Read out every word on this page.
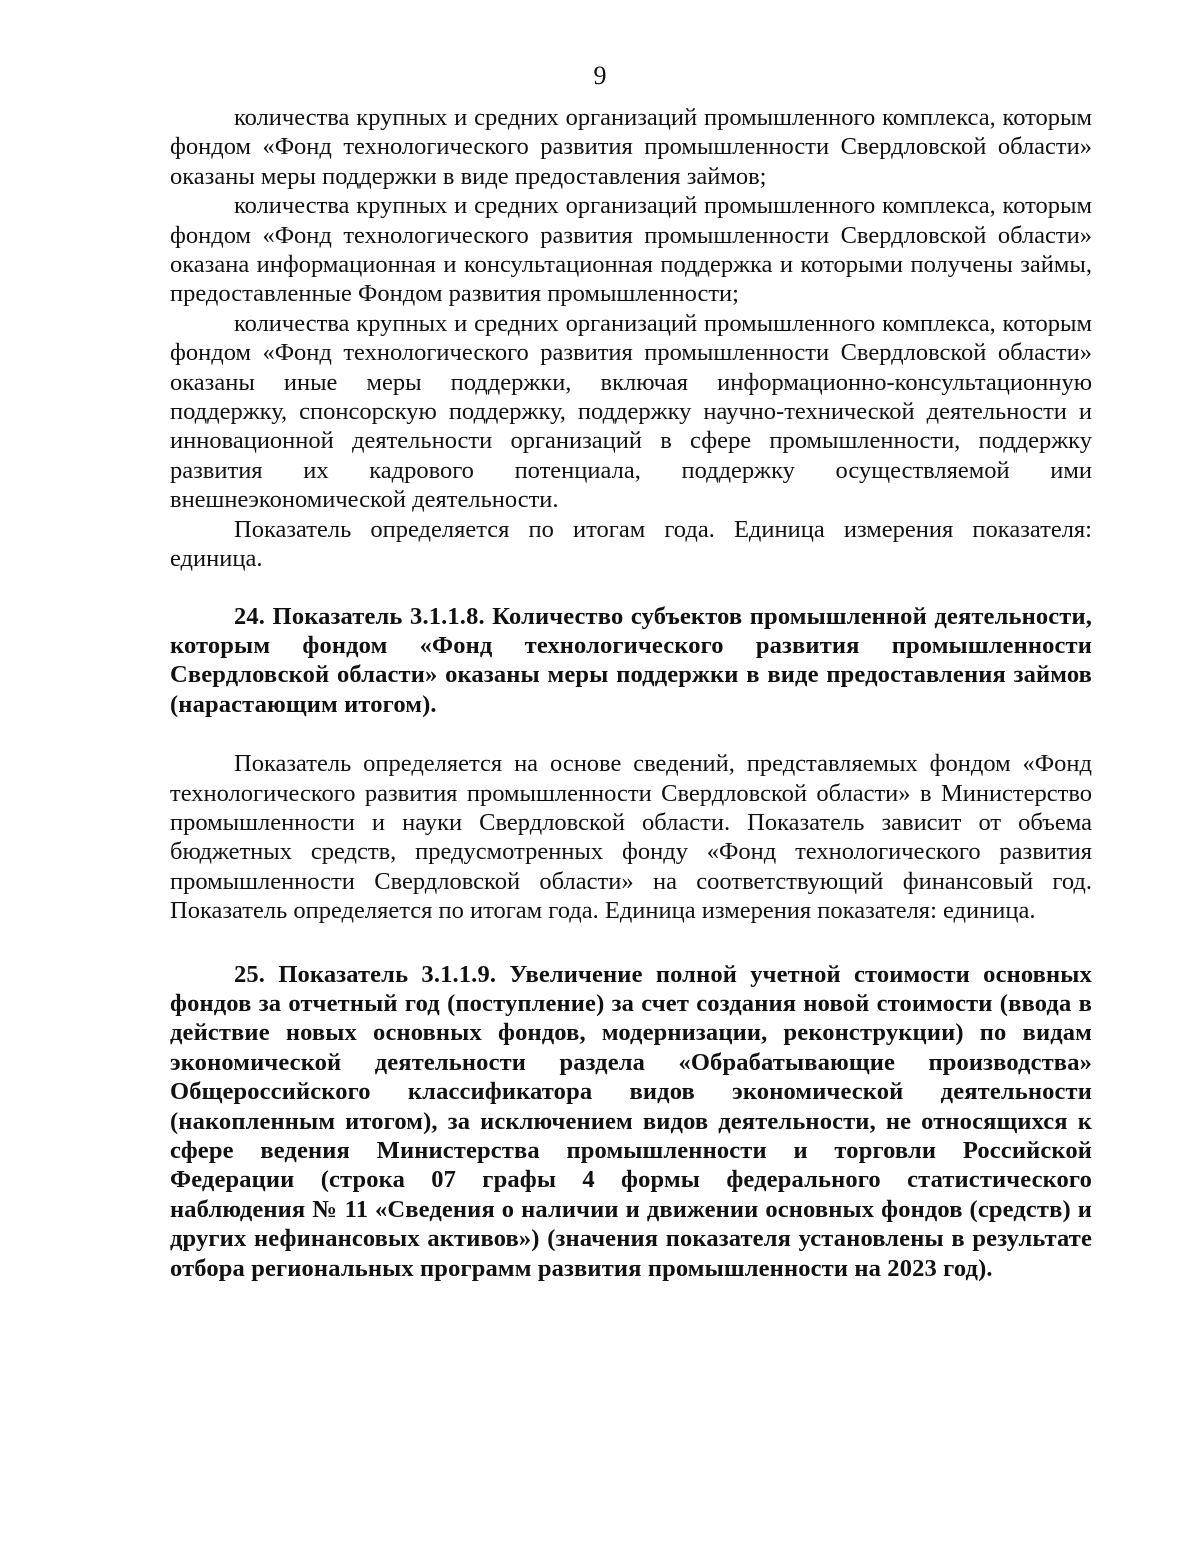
9

количества крупных и средних организаций промышленного комплекса, которым фондом «Фонд технологического развития промышленности Свердловской области» оказаны меры поддержки в виде предоставления займов;

количества крупных и средних организаций промышленного комплекса, которым фондом «Фонд технологического развития промышленности Свердловской области» оказана информационная и консультационная поддержка и которыми получены займы, предоставленные Фондом развития промышленности;

количества крупных и средних организаций промышленного комплекса, которым фондом «Фонд технологического развития промышленности Свердловской области» оказаны иные меры поддержки, включая информационно-консультационную поддержку, спонсорскую поддержку, поддержку научно-технической деятельности и инновационной деятельности организаций в сфере промышленности, поддержку развития их кадрового потенциала, поддержку осуществляемой ими внешнеэкономической деятельности.

Показатель определяется по итогам года. Единица измерения показателя: единица.

24. Показатель 3.1.1.8. Количество субъектов промышленной деятельности, которым фондом «Фонд технологического развития промышленности Свердловской области» оказаны меры поддержки в виде предоставления займов (нарастающим итогом).

Показатель определяется на основе сведений, представляемых фондом «Фонд технологического развития промышленности Свердловской области» в Министерство промышленности и науки Свердловской области. Показатель зависит от объема бюджетных средств, предусмотренных фонду «Фонд технологического развития промышленности Свердловской области» на соответствующий финансовый год. Показатель определяется по итогам года. Единица измерения показателя: единица.

25. Показатель 3.1.1.9. Увеличение полной учетной стоимости основных фондов за отчетный год (поступление) за счет создания новой стоимости (ввода в действие новых основных фондов, модернизации, реконструкции) по видам экономической деятельности раздела «Обрабатывающие производства» Общероссийского классификатора видов экономической деятельности (накопленным итогом), за исключением видов деятельности, не относящихся к сфере ведения Министерства промышленности и торговли Российской Федерации (строка 07 графы 4 формы федерального статистического наблюдения № 11 «Сведения о наличии и движении основных фондов (средств) и других нефинансовых активов») (значения показателя установлены в результате отбора региональных программ развития промышленности на 2023 год).
